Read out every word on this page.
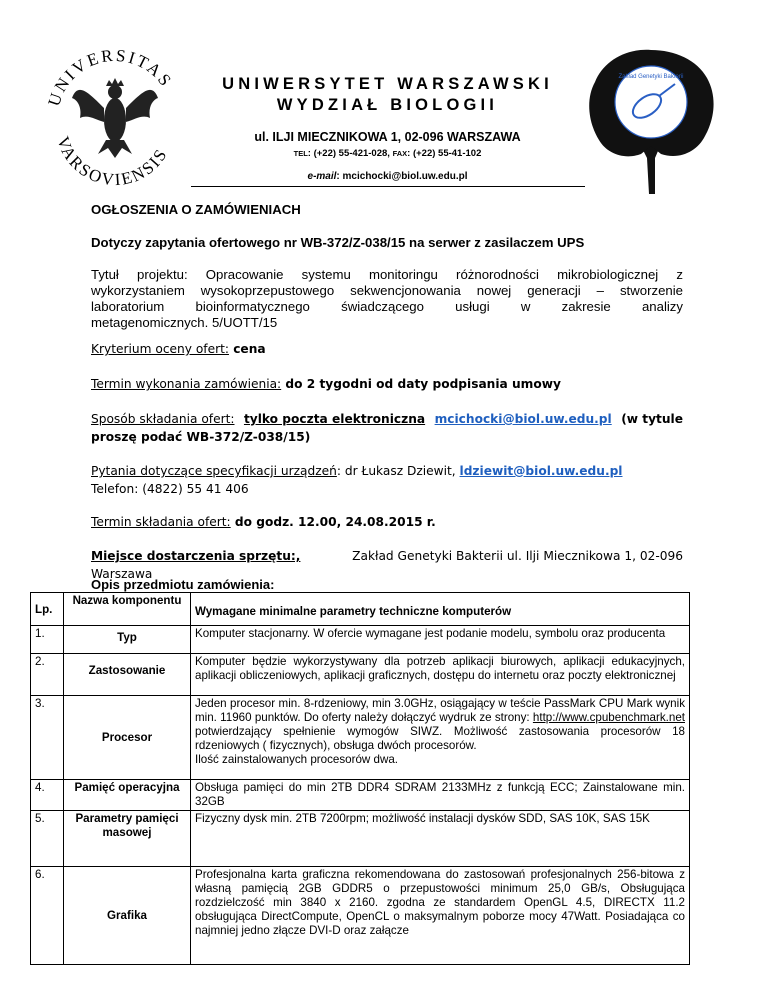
UNIVERSITAS
VARSOVIENSIS
UNIWERSYTET WARSZAWSKI
WYDZIAŁ BIOLOGII
ul. ILJI MIECZNIKOWA 1, 02-096 WARSZAWA
TEL: (+22) 55-421-028, FAX: (+22) 55-41-102
e-mail: mcichocki@biol.uw.edu.pl
Zakład Genetyki Bakterii
OGŁOSZENIA O ZAMÓWIENIACH
Dotyczy zapytania ofertowego nr WB-372/Z-038/15 na serwer z zasilaczem UPS
Tytuł projektu: Opracowanie systemu monitoringu różnorodności mikrobiologicznej z
wykorzystaniem wysokoprzepustowego sekwencjonowania nowej generacji – stworzenie
laboratorium bioinformatycznego świadczącego usługi w zakresie analizy
metagenomicznych. 5/UOTT/15
Kryterium oceny ofert: cena
Termin wykonania zamówienia: do 2 tygodni od daty podpisania umowy
Sposób składania ofert: tylko poczta elektroniczna mcichocki@biol.uw.edu.pl (w tytule
proszę podać WB-372/Z-038/15)
Pytania dotyczące specyfikacji urządzeń: dr Łukasz Dziewit, ldziewit@biol.uw.edu.pl
Telefon: (4822) 55 41 406
Termin składania ofert: do godz. 12.00, 24.08.2015 r.
Miejsce dostarczenia sprzętu:,	Zakład Genetyki Bakterii ul. Ilji Miecznikowa 1, 02-096
Warszawa
Opis przedmiotu zamówienia:
Lp.	Nazwa komponentu	Wymagane minimalne parametry techniczne komputerów
1.	Typ	Komputer stacjonarny. W ofercie wymagane jest podanie modelu, symbolu oraz producenta
2.	Zastosowanie	Komputer będzie wykorzystywany dla potrzeb aplikacji biurowych, aplikacji edukacyjnych, aplikacji obliczeniowych, aplikacji graficznych, dostępu do internetu oraz poczty elektronicznej
3.	Procesor	Jeden procesor min. 8-rdzeniowy, min 3.0GHz, osiągający w teście PassMark CPU Mark wynik min. 11960 punktów. Do oferty należy dołączyć wydruk ze strony: http://www.cpubenchmark.net potwierdzający spełnienie wymogów SIWZ. Możliwość zastosowania procesorów 18 rdzeniowych ( fizycznych), obsługa dwóch procesorów.
Ilość zainstalowanych procesorów dwa.
4.	Pamięć operacyjna	Obsługa pamięci do min 2TB DDR4 SDRAM 2133MHz z funkcją ECC; Zainstalowane min. 32GB
5.	Parametry pamięci masowej	Fizyczny dysk min. 2TB 7200rpm; możliwość instalacji dysków SDD, SAS 10K, SAS 15K
6.	Grafika	Profesjonalna karta graficzna rekomendowana do zastosowań profesjonalnych 256-bitowa z własną pamięcią 2GB GDDR5 o przepustowości minimum 25,0 GB/s, Obsługująca rozdzielczość min 3840 x 2160. zgodna ze standardem OpenGL 4.5, DIRECTX 11.2 obsługująca DirectCompute, OpenCL o maksymalnym poborze mocy 47Watt. Posiadająca co najmniej jedno złącze DVI-D oraz załącze
